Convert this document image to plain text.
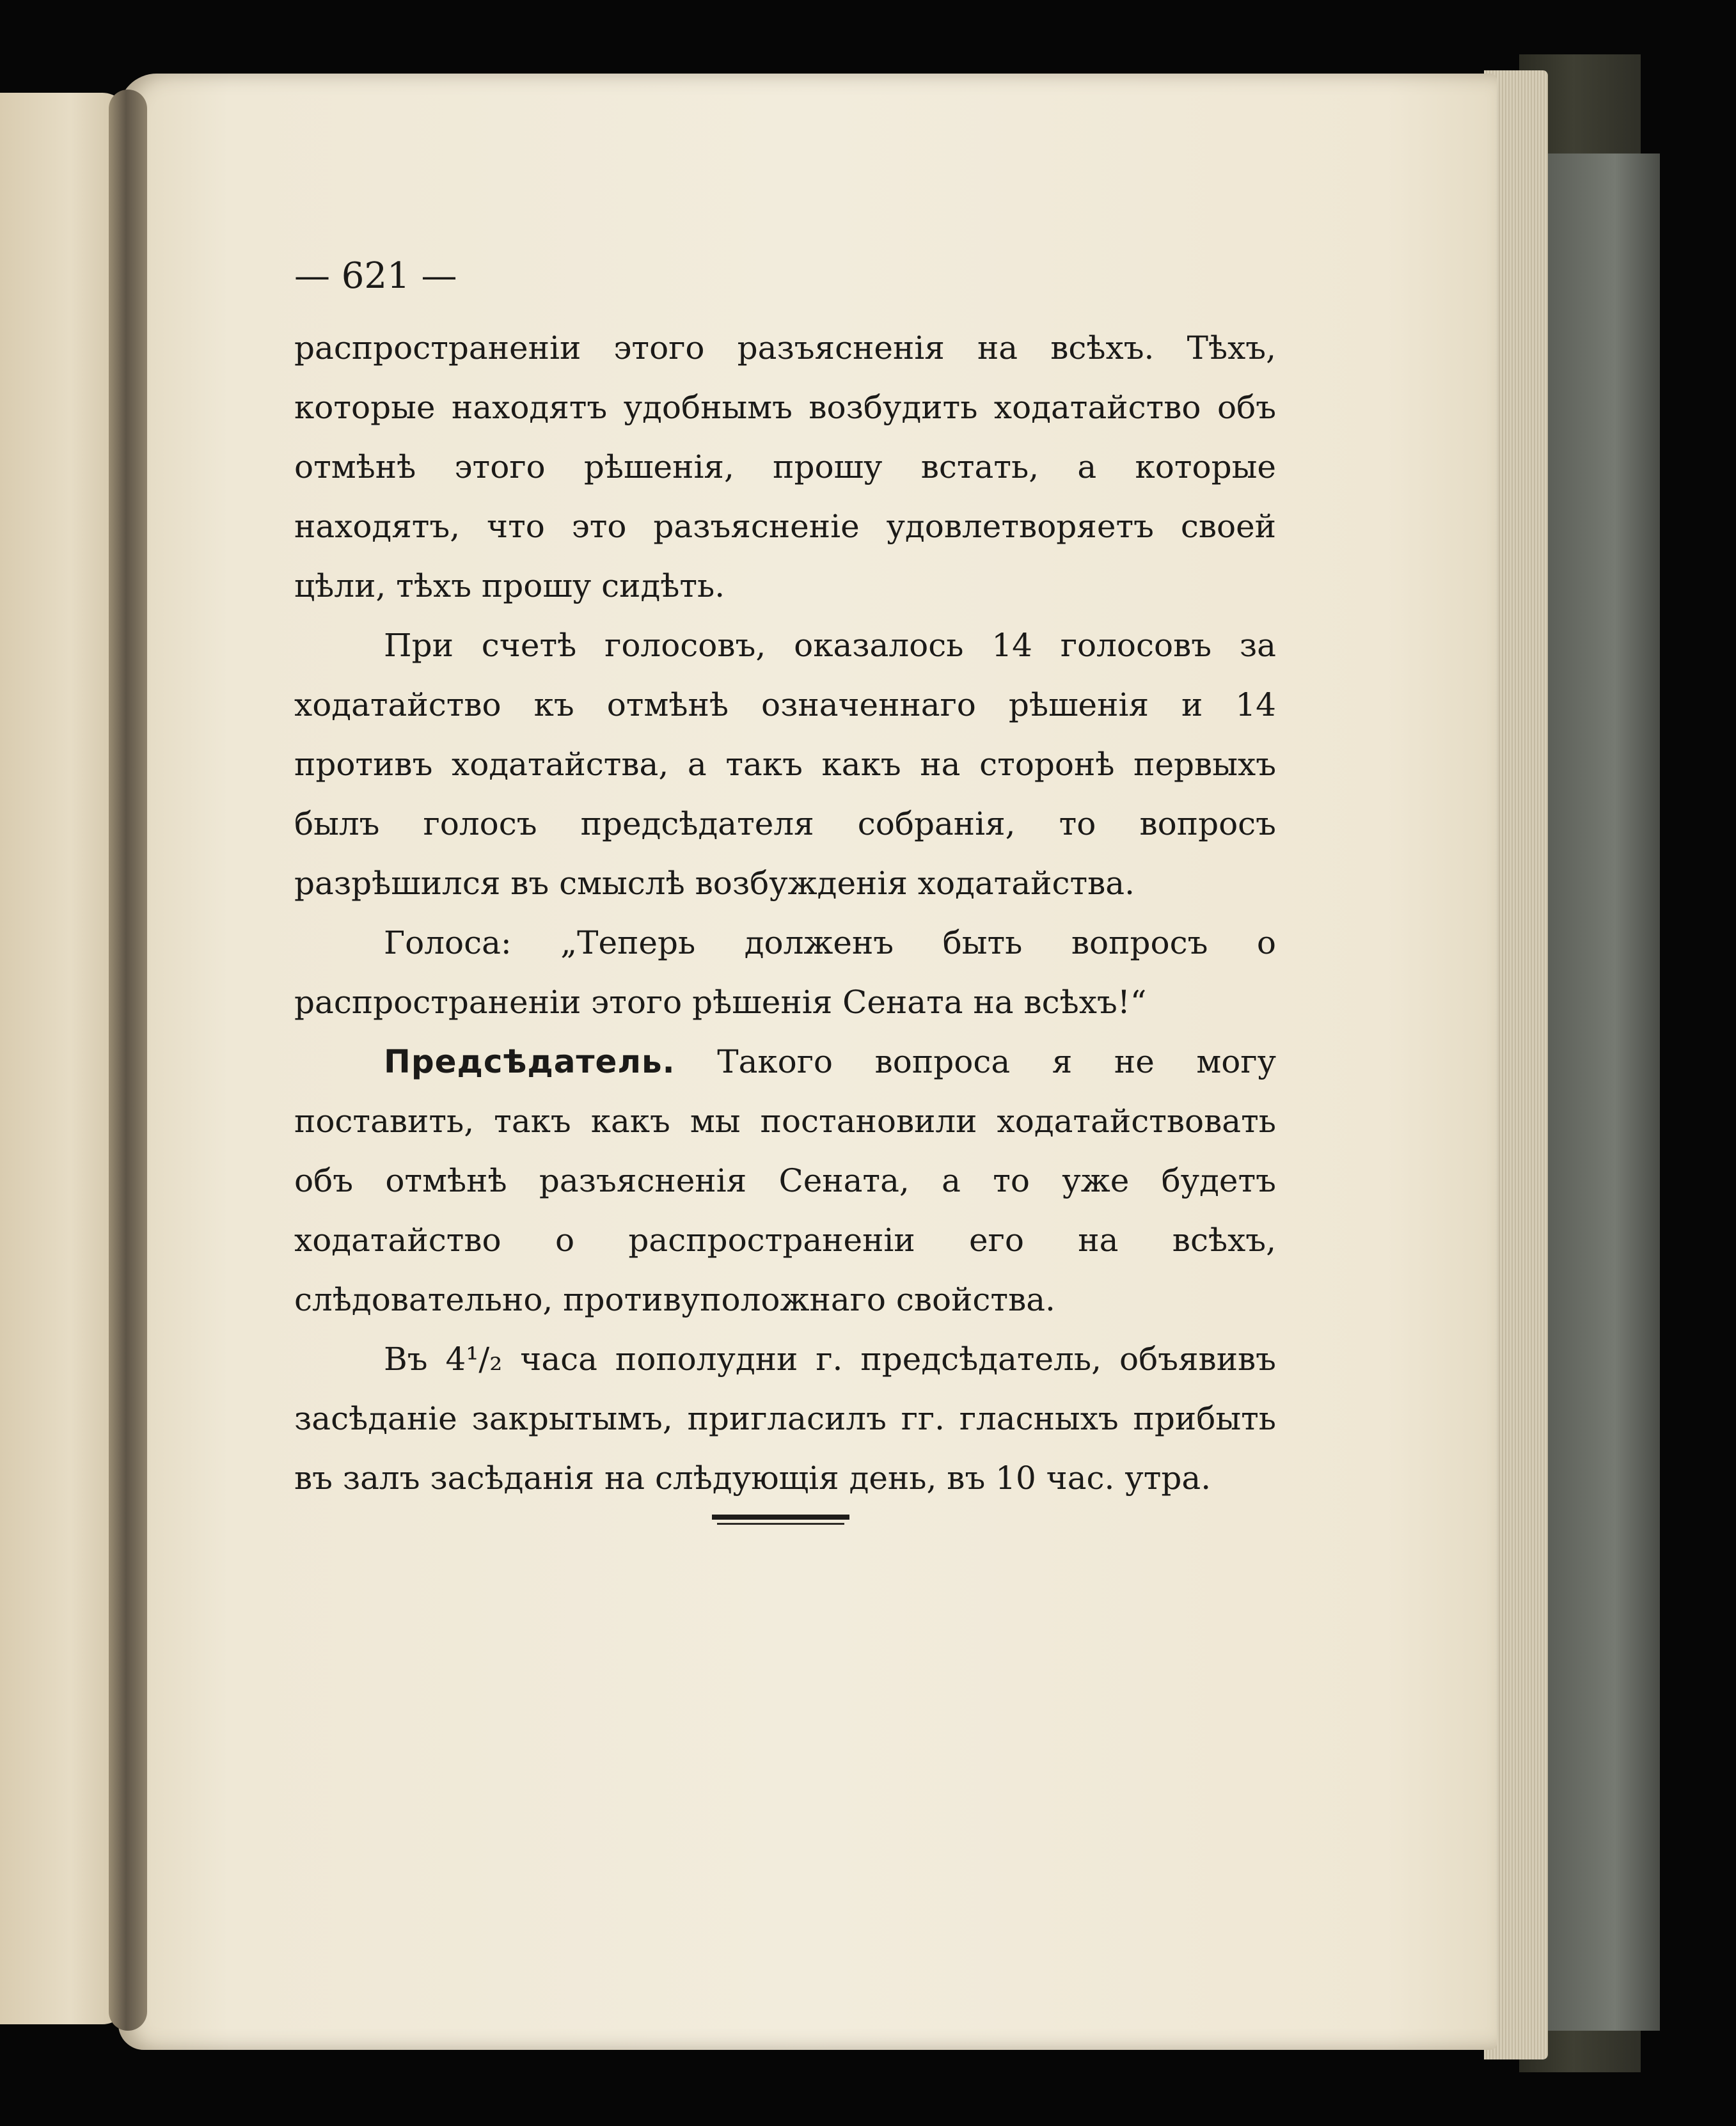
— 621 —

распространеніи этого разъясненія на всѣхъ. Тѣхъ, которые находятъ удобнымъ возбудить ходатайство объ отмѣнѣ этого рѣшенія, прошу встать, а которые находятъ, что это разъясненіе удовлетворяетъ своей цѣли, тѣхъ прошу сидѣть.

При счетѣ голосовъ, оказалось 14 голосовъ за ходатайство къ отмѣнѣ означеннаго рѣшенія и 14 противъ ходатайства, а такъ какъ на сторонѣ первыхъ былъ голосъ предсѣдателя собранія, то вопросъ разрѣшился въ смыслѣ возбужденія ходатайства.

Голоса: „Теперь долженъ быть вопросъ о распространеніи этого рѣшенія Сената на всѣхъ!“

Предсѣдатель. Такого вопроса я не могу поставить, такъ какъ мы постановили ходатайствовать объ отмѣнѣ разъясненія Сената, а то уже будетъ ходатайство о распространеніи его на всѣхъ, слѣдовательно, противуположнаго свойства.

Въ 4¹/₂ часа пополудни г. предсѣдатель, объявивъ засѣданіе закрытымъ, пригласилъ гг. гласныхъ прибыть въ залъ засѣданія на слѣдующія день, въ 10 час. утра.
